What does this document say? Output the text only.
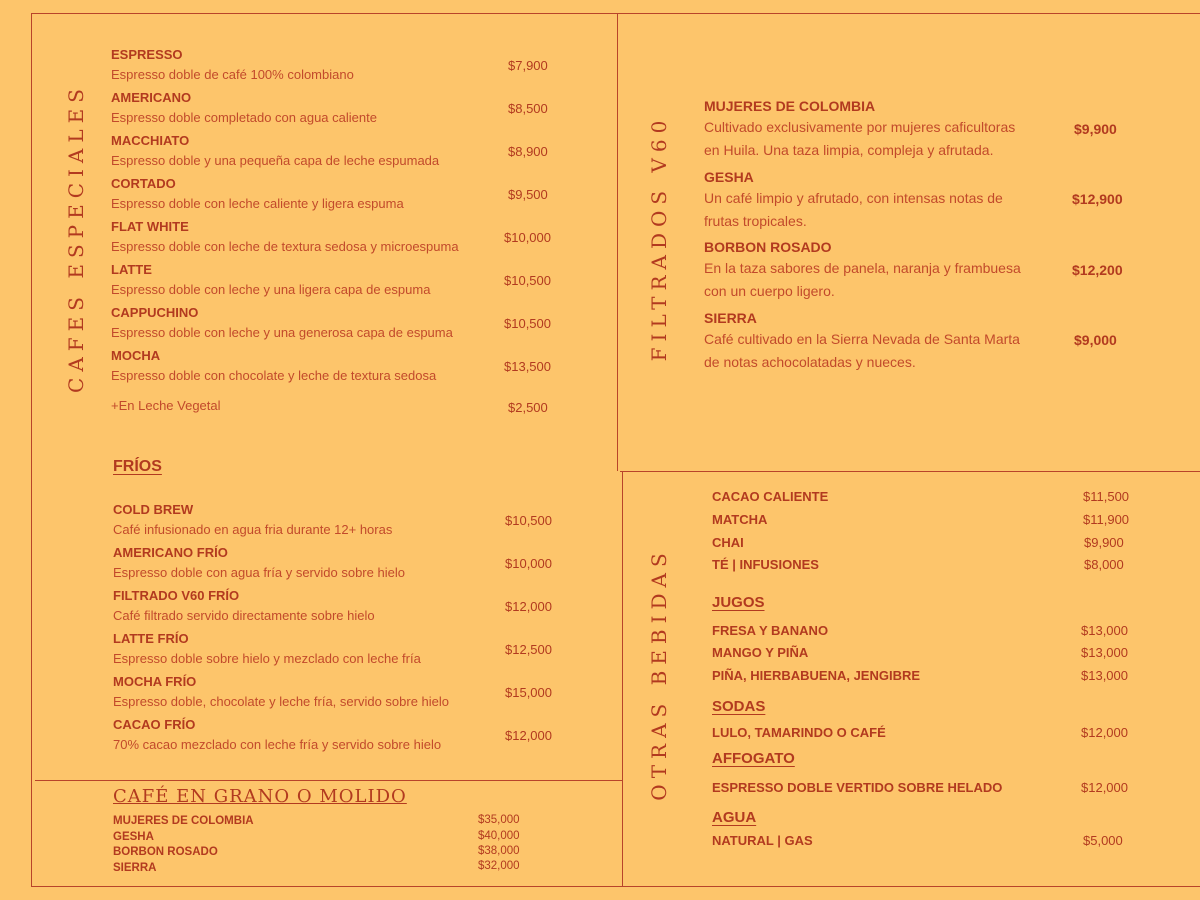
CAFES ESPECIALES	FILTRADOS V60
OTRAS BEBIDAS
ESPRESSO
Espresso doble de café 100% colombiano
$7,900
AMERICANO
Espresso doble completado con agua caliente
$8,500
MACCHIATO
Espresso doble y una pequeña capa de leche espumada
$8,900
CORTADO
Espresso doble con leche caliente y ligera espuma
$9,500
FLAT WHITE
Espresso doble con leche de textura sedosa y microespuma
$10,000
LATTE
Espresso doble con leche y una ligera capa de espuma
$10,500
CAPPUCHINO
Espresso doble con leche y una generosa capa de espuma
$10,500
MOCHA
Espresso doble con chocolate y leche de textura sedosa
$13,500
+En Leche Vegetal	$2,500
FRÍOS
COLD BREW
Café infusionado en agua fria durante 12+ horas
$10,500
AMERICANO FRÍO
Espresso doble con agua fría y servido sobre hielo
$10,000
FILTRADO V60 FRÍO
Café filtrado servido directamente sobre hielo
$12,000
LATTE FRÍO
Espresso doble sobre hielo y mezclado con leche fría
$12,500
MOCHA FRÍO
Espresso doble, chocolate y leche fría, servido sobre hielo
$15,000
CACAO FRÍO
70% cacao mezclado con leche fría y servido sobre hielo
$12,000
CAFÉ EN GRANO O MOLIDO
MUJERES DE COLOMBIA	$35,000
GESHA	$40,000
BORBON ROSADO	$38,000
SIERRA	$32,000
MUJERES DE COLOMBIA
Cultivado exclusivamente por mujeres caficultoras
en Huila. Una taza limpia, compleja y afrutada.
$9,900
GESHA
Un café limpio y afrutado, con intensas notas de
frutas tropicales.
$12,900
BORBON ROSADO
En la taza sabores de panela, naranja y frambuesa
con un cuerpo ligero.
$12,200
SIERRA
Café cultivado en la Sierra Nevada de Santa Marta
de notas achocolatadas y nueces.
$9,000
CACAO CALIENTE	$11,500
MATCHA	$11,900
CHAI	$9,900
TÉ | INFUSIONES	$8,000
JUGOS
FRESA Y BANANO	$13,000
MANGO Y PIÑA	$13,000
PIÑA, HIERBABUENA, JENGIBRE	$13,000
SODAS
LULO, TAMARINDO O CAFÉ	$12,000
AFFOGATO
ESPRESSO DOBLE VERTIDO SOBRE HELADO	$12,000
AGUA
NATURAL | GAS	$5,000
